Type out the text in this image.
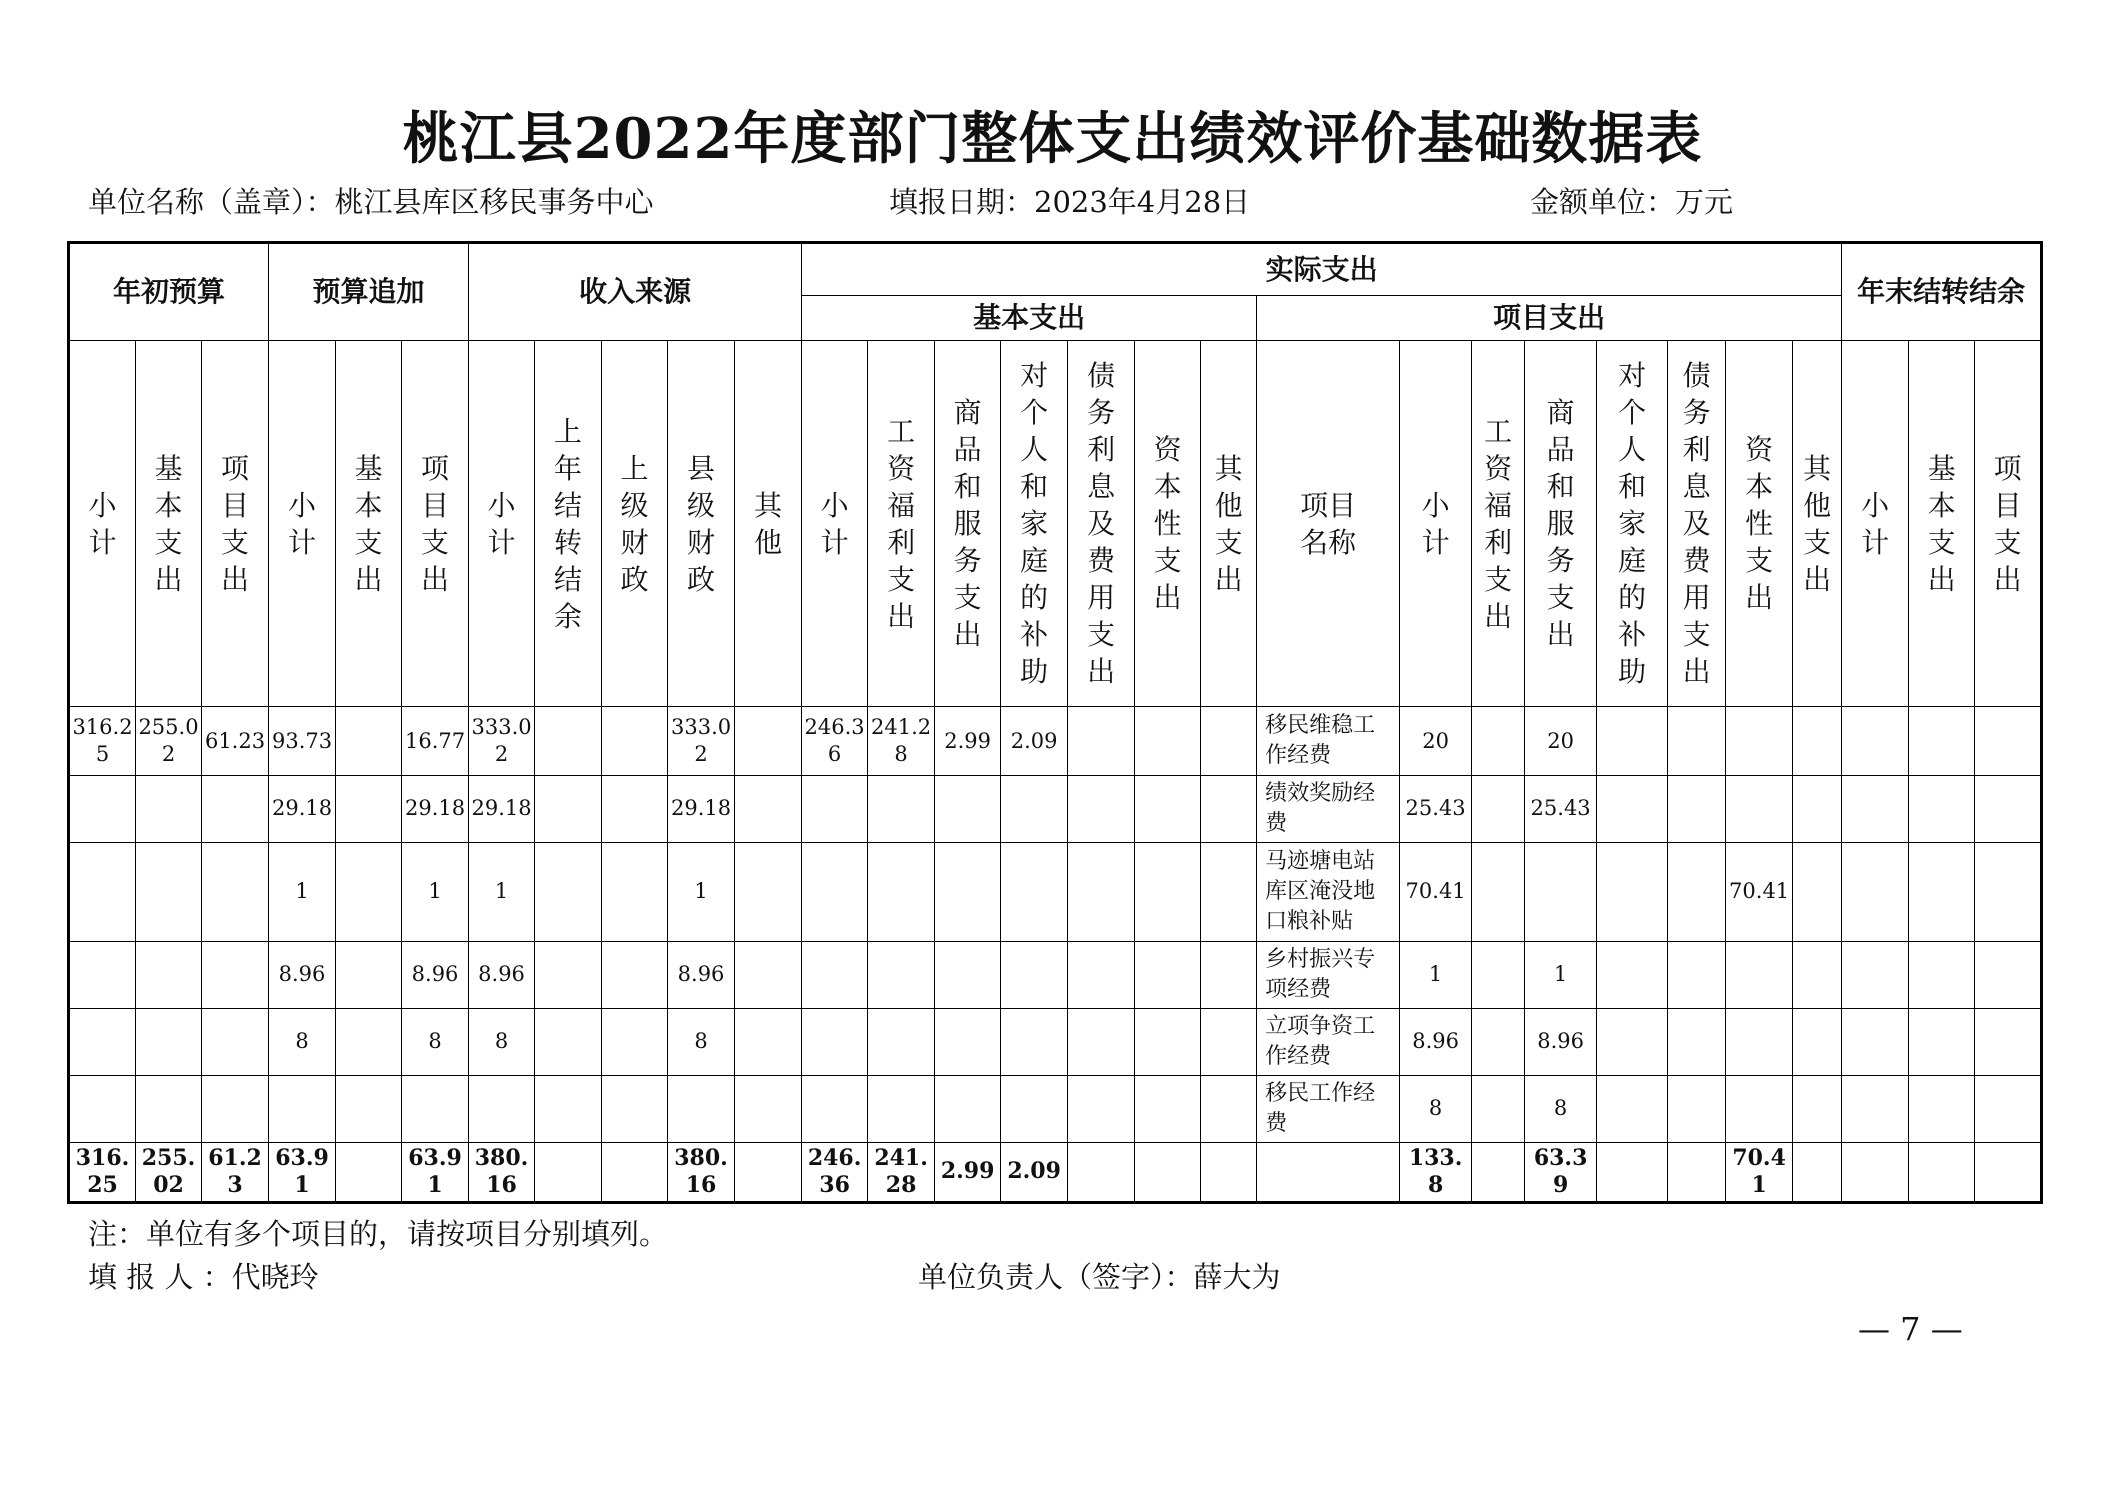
桃江县2022年度部门整体支出绩效评价基础数据表
单位名称（盖章）：桃江县库区移民事务中心	填报日期：2023年4月28日	金额单位：万元
年初预算			预算追加			收入来源					实际支出															年末结转结余		
											基本支出							项目支出										
小计	基本支出	项目支出	小计	基本支出	项目支出	小计	上年结转结余	上级财政	县级财政	其他	小计	工资福利支出	商品和服务支出	对个人和家庭的补助	债务利息及费用支出	资本性支出	其他支出	项目名称	小计	工资福利支出	商品和服务支出	对个人和家庭的补助	债务利息及费用支出	资本性支出	其他支出	小计	基本支出	项目支出
316.25	255.02	61.23	93.73		16.77	333.02			333.02		246.36	241.28	2.99	2.09				移民维稳工作经费	20		20							
			29.18		29.18	29.18			29.18									绩效奖励经费	25.43		25.43							
			1		1	1			1									马迹塘电站库区淹没地口粮补贴	70.41					70.41				
			8.96		8.96	8.96			8.96									乡村振兴专项经费	1		1							
			8		8	8			8									立项争资工作经费	8.96		8.96							
																		移民工作经费	8		8							
316.25	255.02	61.23	63.91		63.91	380.16			380.16		246.36	241.28	2.99	2.09					133.8		63.39			70.41				
注：单位有多个项目的，请按项目分别填列。
填 报 人 ：代晓玲	单位负责人（签字）：薛大为
— 7 —
